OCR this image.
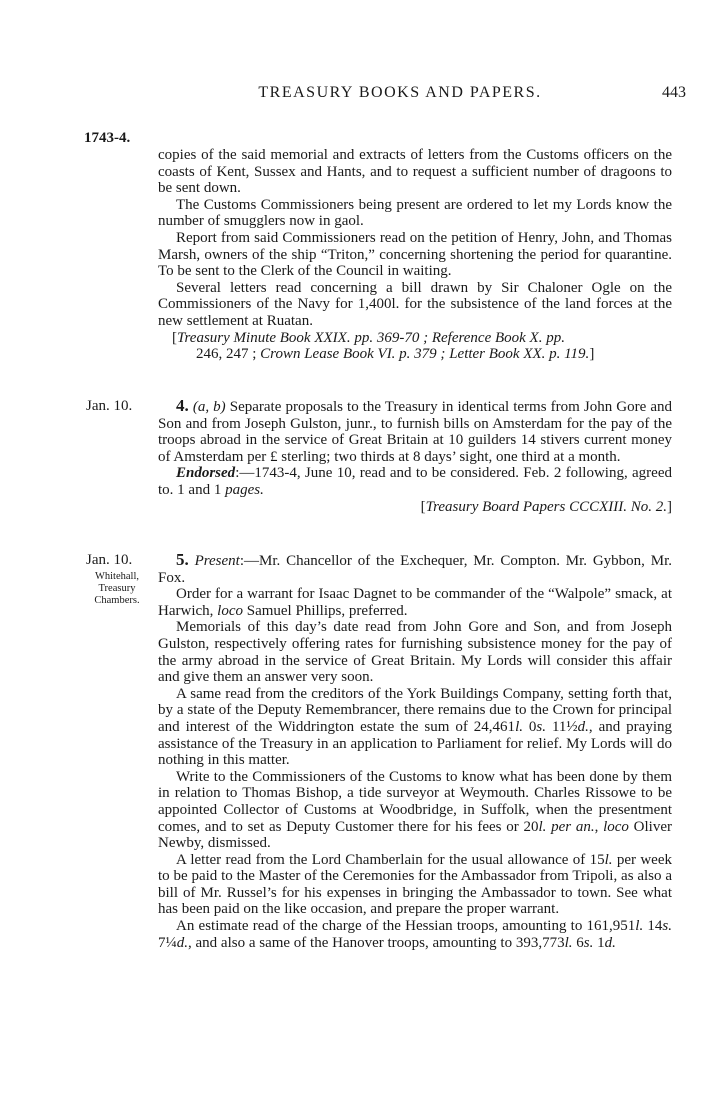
TREASURY BOOKS AND PAPERS.	443
1743-4.

copies of the said memorial and extracts of letters from the Customs officers on the coasts of Kent, Sussex and Hants, and to request a sufficient number of dragoons to be sent down.

The Customs Commissioners being present are ordered to let my Lords know the number of smugglers now in gaol.

Report from said Commissioners read on the petition of Henry, John, and Thomas Marsh, owners of the ship “Triton,” concerning shortening the period for quarantine. To be sent to the Clerk of the Council in waiting.

Several letters read concerning a bill drawn by Sir Chaloner Ogle on the Commissioners of the Navy for 1,400l. for the subsistence of the land forces at the new settlement at Ruatan.

[Treasury Minute Book XXIX. pp. 369-70 ; Reference Book X. pp.
246, 247 ; Crown Lease Book VI. p. 379 ; Letter Book XX. p. 119.]

Jan. 10.	4. (a, b) Separate proposals to the Treasury in identical terms from John Gore and Son and from Joseph Gulston, junr., to furnish bills on Amsterdam for the pay of the troops abroad in the service of Great Britain at 10 guilders 14 stivers current money of Amsterdam per £ sterling; two thirds at 8 days’ sight, one third at a month.

Endorsed:—1743-4, June 10, read and to be considered. Feb. 2 following, agreed to. 1 and 1 pages.

[Treasury Board Papers CCCXIII. No. 2.]

Jan. 10.
Whitehall,
Treasury
Chambers.

5. Present:—Mr. Chancellor of the Exchequer, Mr. Compton. Mr. Gybbon, Mr. Fox.

Order for a warrant for Isaac Dagnet to be commander of the “Walpole” smack, at Harwich, loco Samuel Phillips, preferred.

Memorials of this day’s date read from John Gore and Son, and from Joseph Gulston, respectively offering rates for furnishing subsistence money for the pay of the army abroad in the service of Great Britain. My Lords will consider this affair and give them an answer very soon.

A same read from the creditors of the York Buildings Company, setting forth that, by a state of the Deputy Remembrancer, there remains due to the Crown for principal and interest of the Widdrington estate the sum of 24,461l. 0s. 11½d., and praying assistance of the Treasury in an application to Parliament for relief. My Lords will do nothing in this matter.

Write to the Commissioners of the Customs to know what has been done by them in relation to Thomas Bishop, a tide surveyor at Weymouth. Charles Rissowe to be appointed Collector of Customs at Woodbridge, in Suffolk, when the presentment comes, and to set as Deputy Customer there for his fees or 20l. per an., loco Oliver Newby, dismissed.

A letter read from the Lord Chamberlain for the usual allowance of 15l. per week to be paid to the Master of the Ceremonies for the Ambassador from Tripoli, as also a bill of Mr. Russel’s for his expenses in bringing the Ambassador to town. See what has been paid on the like occasion, and prepare the proper warrant.

An estimate read of the charge of the Hessian troops, amounting to 161,951l. 14s. 7¼d., and also a same of the Hanover troops, amounting to 393,773l. 6s. 1d.
